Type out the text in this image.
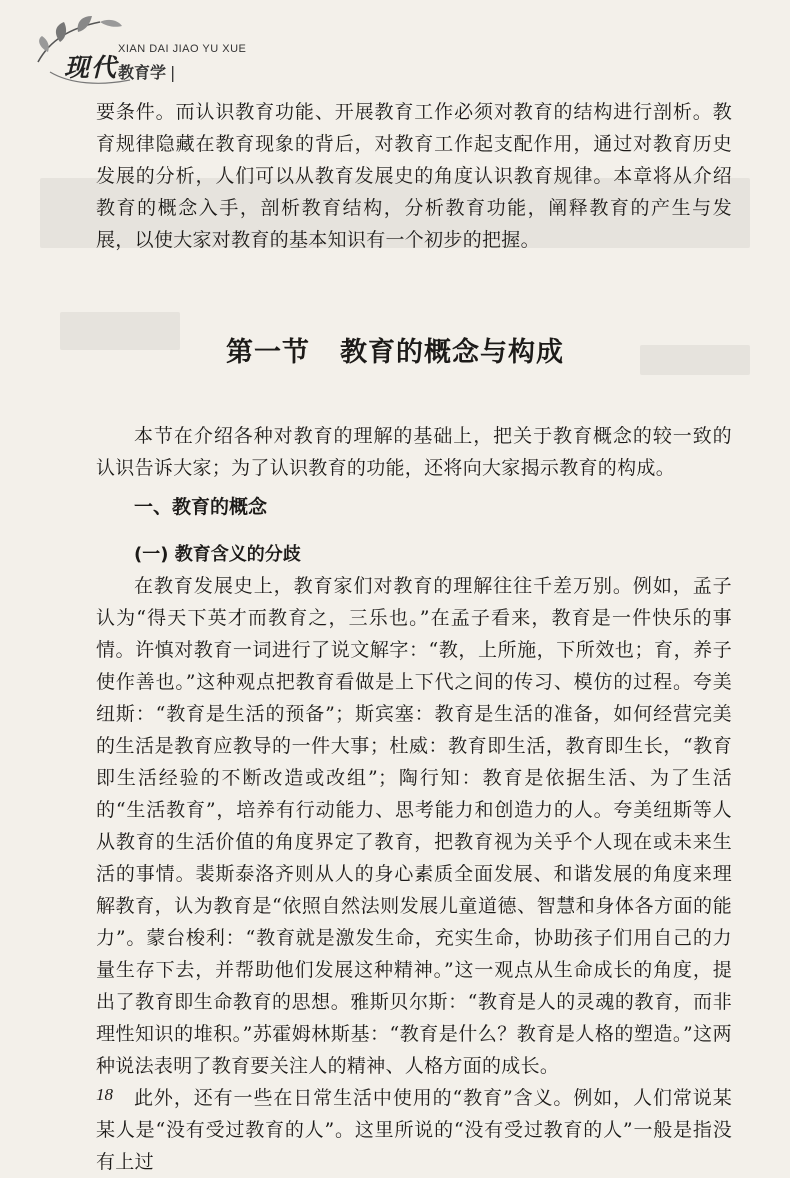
现代
XIAN DAI JIAO YU XUE
教育学 |

要条件。而认识教育功能、开展教育工作必须对教育的结构进行剖析。教育规律隐藏在教育现象的背后，对教育工作起支配作用，通过对教育历史发展的分析，人们可以从教育发展史的角度认识教育规律。本章将从介绍教育的概念入手，剖析教育结构，分析教育功能，阐释教育的产生与发展，以使大家对教育的基本知识有一个初步的把握。

第一节 教育的概念与构成

本节在介绍各种对教育的理解的基础上，把关于教育概念的较一致的认识告诉大家；为了认识教育的功能，还将向大家揭示教育的构成。

一、教育的概念
(一) 教育含义的分歧

在教育发展史上，教育家们对教育的理解往往千差万别。例如，孟子认为“得天下英才而教育之，三乐也。”在孟子看来，教育是一件快乐的事情。许慎对教育一词进行了说文解字：“教，上所施，下所效也；育，养子使作善也。”这种观点把教育看做是上下代之间的传习、模仿的过程。夸美纽斯：“教育是生活的预备”；斯宾塞：教育是生活的准备，如何经营完美的生活是教育应教导的一件大事；杜威：教育即生活，教育即生长，“教育即生活经验的不断改造或改组”；陶行知：教育是依据生活、为了生活的“生活教育”，培养有行动能力、思考能力和创造力的人。夸美纽斯等人从教育的生活价值的角度界定了教育，把教育视为关乎个人现在或未来生活的事情。裴斯泰洛齐则从人的身心素质全面发展、和谐发展的角度来理解教育，认为教育是“依照自然法则发展儿童道德、智慧和身体各方面的能力”。蒙台梭利：“教育就是激发生命，充实生命，协助孩子们用自己的力量生存下去，并帮助他们发展这种精神。”这一观点从生命成长的角度，提出了教育即生命教育的思想。雅斯贝尔斯：“教育是人的灵魂的教育，而非理性知识的堆积。”苏霍姆林斯基：“教育是什么？教育是人格的塑造。”这两种说法表明了教育要关注人的精神、人格方面的成长。

此外，还有一些在日常生活中使用的“教育”含义。例如，人们常说某某人是“没有受过教育的人”。这里所说的“没有受过教育的人”一般是指没有上过

18
